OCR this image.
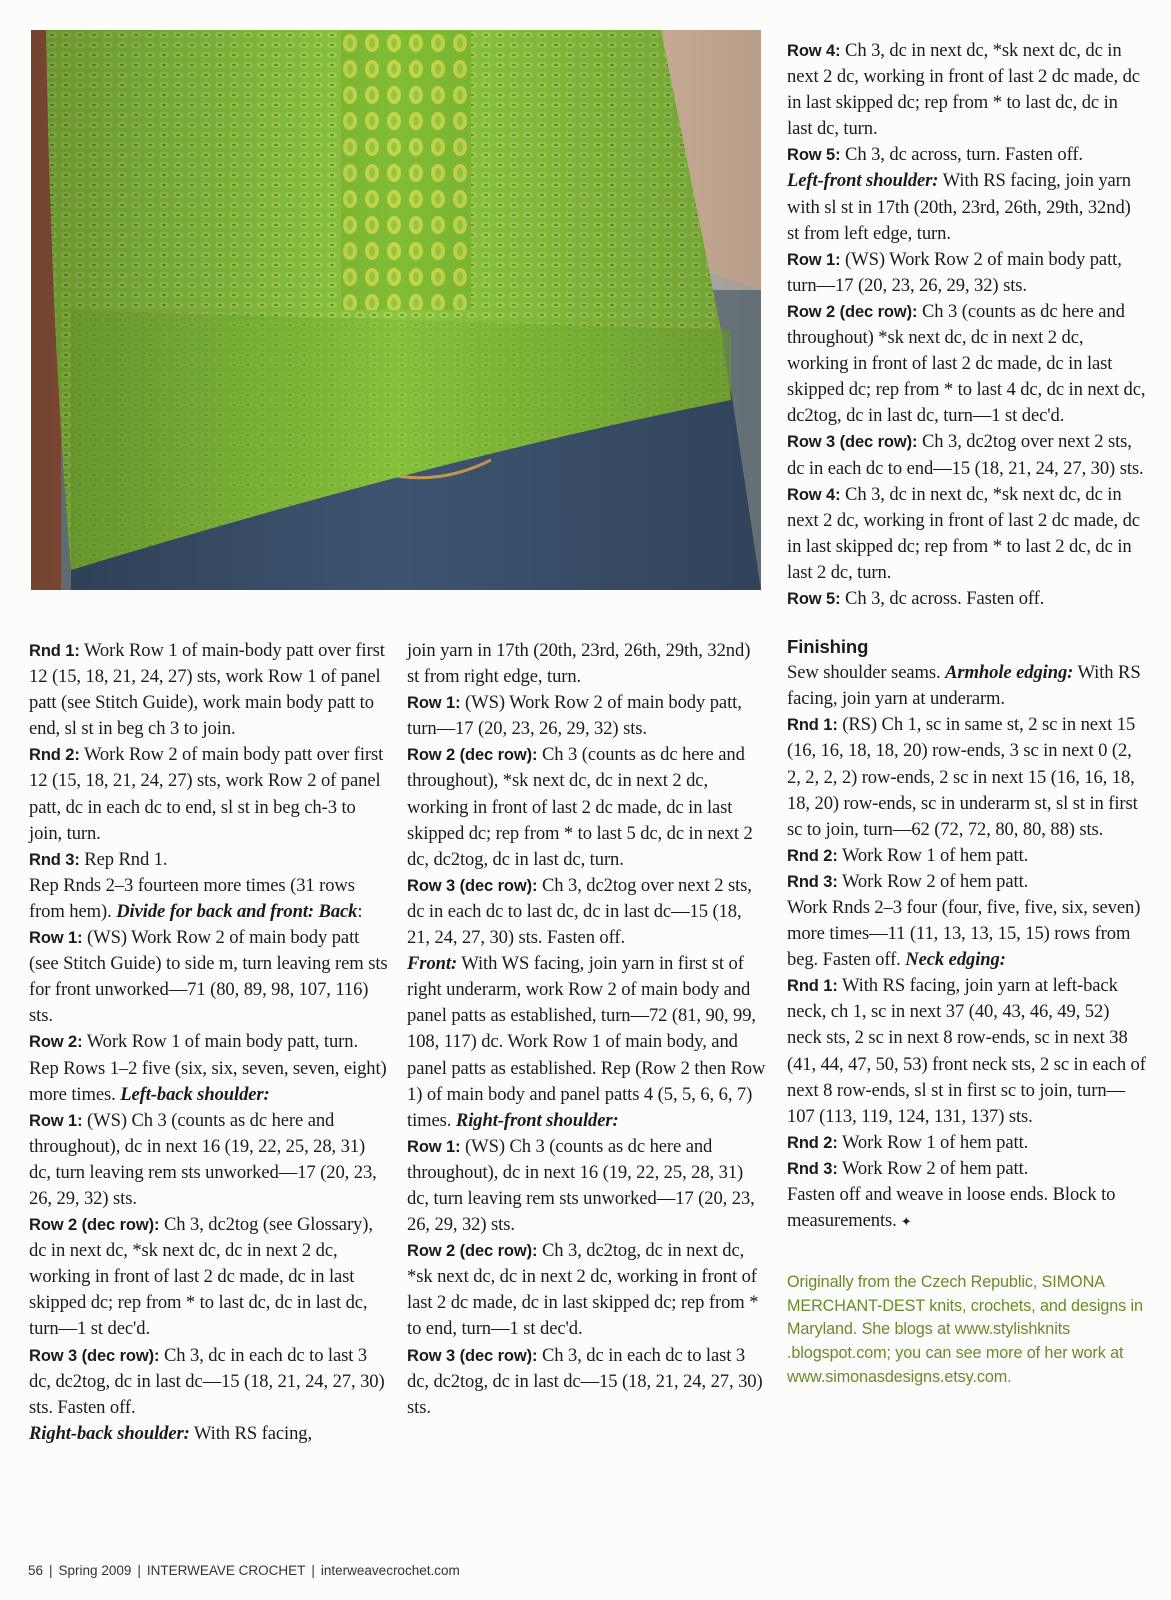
Rnd 1: Work Row 1 of main-body patt over first 12 (15, 18, 21, 24, 27) sts, work Row 1 of panel patt (see Stitch Guide), work main body patt to end, sl st in beg ch 3 to join.

Rnd 2: Work Row 2 of main body patt over first 12 (15, 18, 21, 24, 27) sts, work Row 2 of panel patt, dc in each dc to end, sl st in beg ch-3 to join, turn.

Rnd 3: Rep Rnd 1.

Rep Rnds 2–3 fourteen more times (31 rows from hem). Divide for back and front: Back:

Row 1: (WS) Work Row 2 of main body patt (see Stitch Guide) to side m, turn leaving rem sts for front unworked—71 (80, 89, 98, 107, 116) sts.

Row 2: Work Row 1 of main body patt, turn.

Rep Rows 1–2 five (six, six, seven, seven, eight) more times. Left-back shoulder:

Row 1: (WS) Ch 3 (counts as dc here and throughout), dc in next 16 (19, 22, 25, 28, 31) dc, turn leaving rem sts unworked—17 (20, 23, 26, 29, 32) sts.

Row 2 (dec row): Ch 3, dc2tog (see Glossary), dc in next dc, *sk next dc, dc in next 2 dc, working in front of last 2 dc made, dc in last skipped dc; rep from * to last dc, dc in last dc, turn—1 st dec'd.

Row 3 (dec row): Ch 3, dc in each dc to last 3 dc, dc2tog, dc in last dc—15 (18, 21, 24, 27, 30) sts. Fasten off.

Right-back shoulder: With RS facing,

join yarn in 17th (20th, 23rd, 26th, 29th, 32nd) st from right edge, turn.

Row 1: (WS) Work Row 2 of main body patt, turn—17 (20, 23, 26, 29, 32) sts.

Row 2 (dec row): Ch 3 (counts as dc here and throughout), *sk next dc, dc in next 2 dc, working in front of last 2 dc made, dc in last skipped dc; rep from * to last 5 dc, dc in next 2 dc, dc2tog, dc in last dc, turn.

Row 3 (dec row): Ch 3, dc2tog over next 2 sts, dc in each dc to last dc, dc in last dc—15 (18, 21, 24, 27, 30) sts. Fasten off.

Front: With WS facing, join yarn in first st of right underarm, work Row 2 of main body and panel patts as established, turn—72 (81, 90, 99, 108, 117) dc. Work Row 1 of main body, and panel patts as established. Rep (Row 2 then Row 1) of main body and panel patts 4 (5, 5, 6, 6, 7) times. Right-front shoulder:

Row 1: (WS) Ch 3 (counts as dc here and throughout), dc in next 16 (19, 22, 25, 28, 31) dc, turn leaving rem sts unworked—17 (20, 23, 26, 29, 32) sts.

Row 2 (dec row): Ch 3, dc2tog, dc in next dc, *sk next dc, dc in next 2 dc, working in front of last 2 dc made, dc in last skipped dc; rep from * to end, turn—1 st dec'd.

Row 3 (dec row): Ch 3, dc in each dc to last 3 dc, dc2tog, dc in last dc—15 (18, 21, 24, 27, 30) sts.

Row 4: Ch 3, dc in next dc, *sk next dc, dc in next 2 dc, working in front of last 2 dc made, dc in last skipped dc; rep from * to last dc, dc in last dc, turn.

Row 5: Ch 3, dc across, turn. Fasten off.

Left-front shoulder: With RS facing, join yarn with sl st in 17th (20th, 23rd, 26th, 29th, 32nd) st from left edge, turn.

Row 1: (WS) Work Row 2 of main body patt, turn—17 (20, 23, 26, 29, 32) sts.

Row 2 (dec row): Ch 3 (counts as dc here and throughout) *sk next dc, dc in next 2 dc, working in front of last 2 dc made, dc in last skipped dc; rep from * to last 4 dc, dc in next dc, dc2tog, dc in last dc, turn—1 st dec'd.

Row 3 (dec row): Ch 3, dc2tog over next 2 sts, dc in each dc to end—15 (18, 21, 24, 27, 30) sts.

Row 4: Ch 3, dc in next dc, *sk next dc, dc in next 2 dc, working in front of last 2 dc made, dc in last skipped dc; rep from * to last 2 dc, dc in last 2 dc, turn.

Row 5: Ch 3, dc across. Fasten off.

Finishing

Sew shoulder seams. Armhole edging: With RS facing, join yarn at underarm.

Rnd 1: (RS) Ch 1, sc in same st, 2 sc in next 15 (16, 16, 18, 18, 20) row-ends, 3 sc in next 0 (2, 2, 2, 2, 2) row-ends, 2 sc in next 15 (16, 16, 18, 18, 20) row-ends, sc in underarm st, sl st in first sc to join, turn—62 (72, 72, 80, 80, 88) sts.

Rnd 2: Work Row 1 of hem patt.

Rnd 3: Work Row 2 of hem patt.

Work Rnds 2–3 four (four, five, five, six, seven) more times—11 (11, 13, 13, 15, 15) rows from beg. Fasten off. Neck edging:

Rnd 1: With RS facing, join yarn at left-back neck, ch 1, sc in next 37 (40, 43, 46, 49, 52) neck sts, 2 sc in next 8 row-ends, sc in next 38 (41, 44, 47, 50, 53) front neck sts, 2 sc in each of next 8 row-ends, sl st in first sc to join, turn—107 (113, 119, 124, 131, 137) sts.

Rnd 2: Work Row 1 of hem patt.

Rnd 3: Work Row 2 of hem patt.

Fasten off and weave in loose ends. Block to measurements. ✦

Originally from the Czech Republic, SIMONA MERCHANT-DEST knits, crochets, and designs in Maryland. She blogs at www.stylishknits .blogspot.com; you can see more of her work at www.simonasdesigns.etsy.com.

56 | Spring 2009 | INTERWEAVE CROCHET | interweavecrochet.com
